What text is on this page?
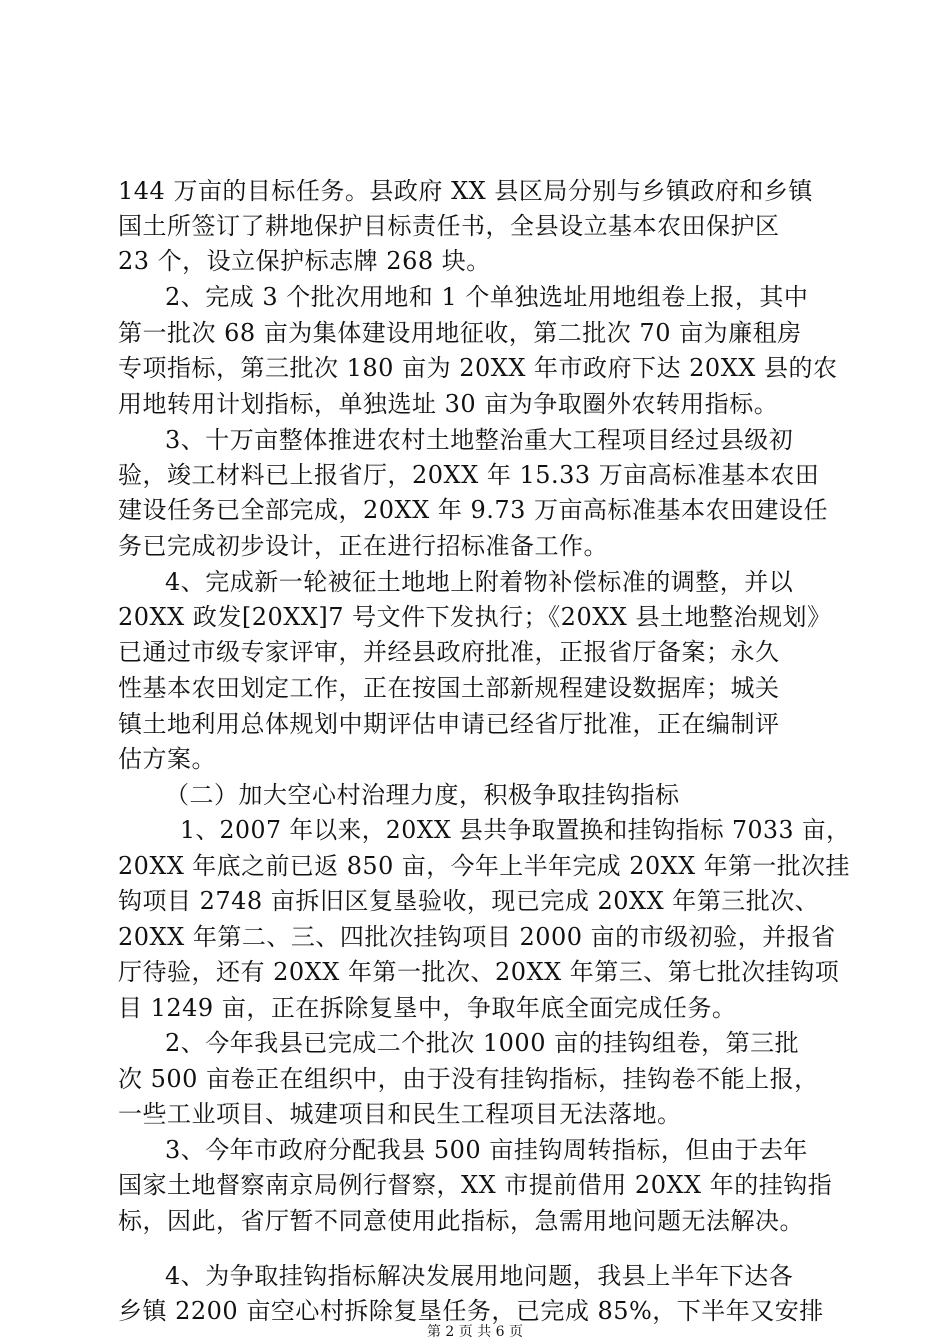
144 万亩的目标任务。县政府 XX 县区局分别与乡镇政府和乡镇
国土所签订了耕地保护目标责任书，全县设立基本农田保护区
23 个，设立保护标志牌 268 块。
2、完成 3 个批次用地和 1 个单独选址用地组卷上报，其中
第一批次 68 亩为集体建设用地征收，第二批次 70 亩为廉租房
专项指标，第三批次 180 亩为 20XX 年市政府下达 20XX 县的农
用地转用计划指标，单独选址 30 亩为争取圈外农转用指标。
3、十万亩整体推进农村土地整治重大工程项目经过县级初
验，竣工材料已上报省厅，20XX 年 15.33 万亩高标准基本农田
建设任务已全部完成，20XX 年 9.73 万亩高标准基本农田建设任
务已完成初步设计，正在进行招标准备工作。
4、完成新一轮被征土地地上附着物补偿标准的调整，并以
20XX 政发[20XX]7 号文件下发执行；《20XX 县土地整治规划》
已通过市级专家评审，并经县政府批准，正报省厅备案；永久
性基本农田划定工作，正在按国土部新规程建设数据库；城关
镇土地利用总体规划中期评估申请已经省厅批准，正在编制评
估方案。
（二）加大空心村治理力度，积极争取挂钩指标
1、2007 年以来，20XX 县共争取置换和挂钩指标 7033 亩，
20XX 年底之前已返 850 亩，今年上半年完成 20XX 年第一批次挂
钩项目 2748 亩拆旧区复垦验收，现已完成 20XX 年第三批次、
20XX 年第二、三、四批次挂钩项目 2000 亩的市级初验，并报省
厅待验，还有 20XX 年第一批次、20XX 年第三、第七批次挂钩项
目 1249 亩，正在拆除复垦中，争取年底全面完成任务。
2、今年我县已完成二个批次 1000 亩的挂钩组卷，第三批
次 500 亩卷正在组织中，由于没有挂钩指标，挂钩卷不能上报，
一些工业项目、城建项目和民生工程项目无法落地。
3、今年市政府分配我县 500 亩挂钩周转指标，但由于去年
国家土地督察南京局例行督察，XX 市提前借用 20XX 年的挂钩指
标，因此，省厅暂不同意使用此指标，急需用地问题无法解决。
4、为争取挂钩指标解决发展用地问题，我县上半年下达各
乡镇 2200 亩空心村拆除复垦任务，已完成 85%，下半年又安排
第 2 页 共 6 页
